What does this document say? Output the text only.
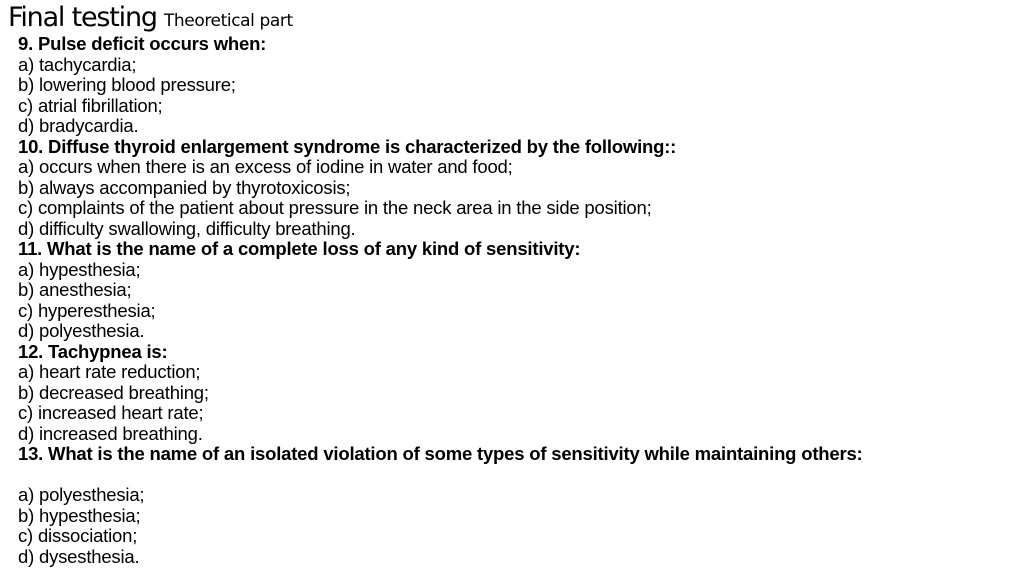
Final testing Theoretical part
9. Pulse deficit occurs when:
a) tachycardia;
b) lowering blood pressure;
c) atrial fibrillation;
d) bradycardia.
10. Diffuse thyroid enlargement syndrome is characterized by the following::
a) occurs when there is an excess of iodine in water and food;
b) always accompanied by thyrotoxicosis;
c) complaints of the patient about pressure in the neck area in the side position;
d) difficulty swallowing, difficulty breathing.
11. What is the name of a complete loss of any kind of sensitivity:
a) hypesthesia;
b) anesthesia;
c) hyperesthesia;
d) polyesthesia.
12. Tachypnea is:
a) heart rate reduction;
b) decreased breathing;
c) increased heart rate;
d) increased breathing.
13. What is the name of an isolated violation of some types of sensitivity while maintaining others:
a) polyesthesia;
b) hypesthesia;
c) dissociation;
d) dysesthesia.
